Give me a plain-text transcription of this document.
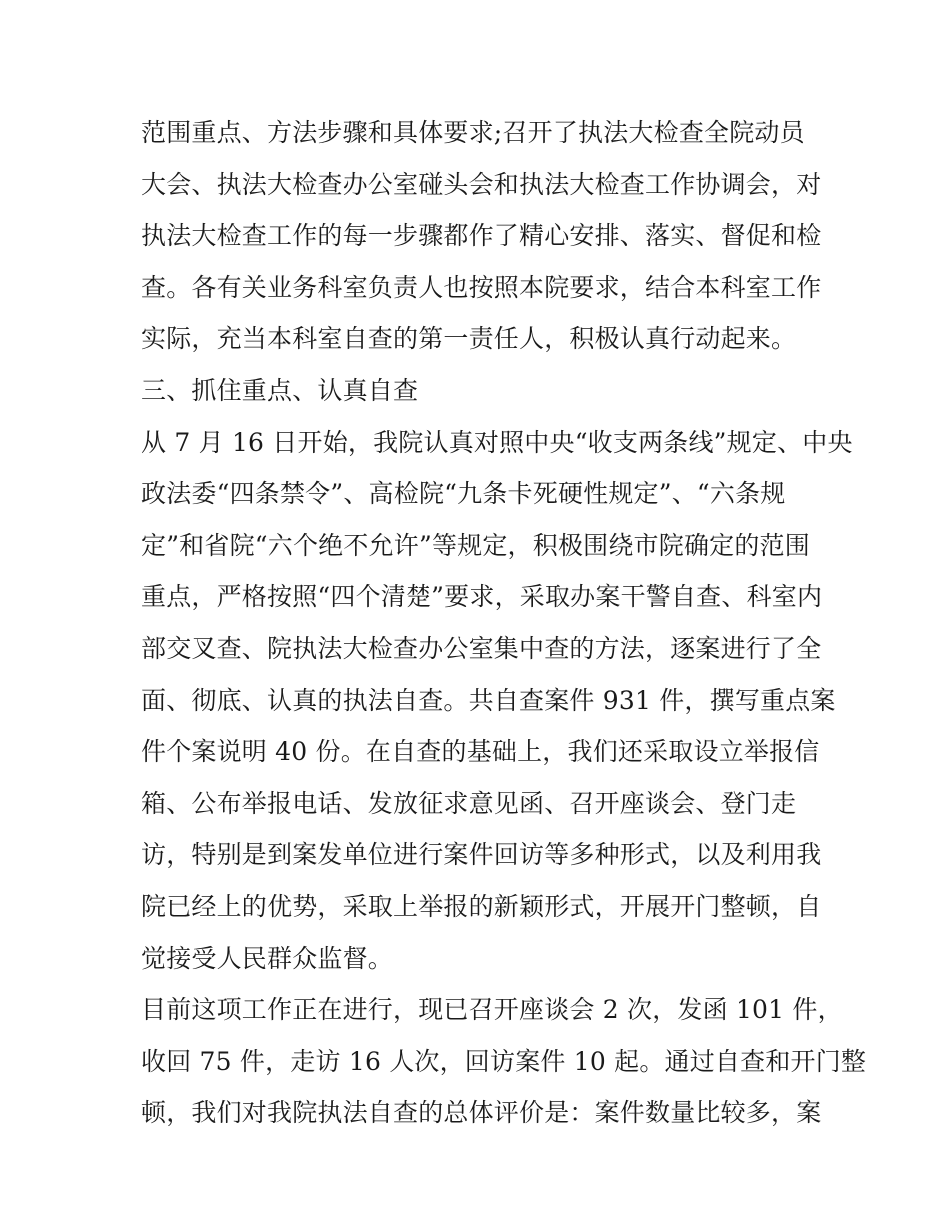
范围重点、方法步骤和具体要求;召开了执法大检查全院动员
大会、执法大检查办公室碰头会和执法大检查工作协调会，对
执法大检查工作的每一步骤都作了精心安排、落实、督促和检
查。各有关业务科室负责人也按照本院要求，结合本科室工作
实际，充当本科室自查的第一责任人，积极认真行动起来。
三、抓住重点、认真自查
从 7 月 16 日开始，我院认真对照中央“收支两条线”规定、中央
政法委“四条禁令”、高检院“九条卡死硬性规定”、“六条规
定”和省院“六个绝不允许”等规定，积极围绕市院确定的范围
重点，严格按照“四个清楚”要求，采取办案干警自查、科室内
部交叉查、院执法大检查办公室集中查的方法，逐案进行了全
面、彻底、认真的执法自查。共自查案件 931 件，撰写重点案
件个案说明 40 份。在自查的基础上，我们还采取设立举报信
箱、公布举报电话、发放征求意见函、召开座谈会、登门走
访，特别是到案发单位进行案件回访等多种形式，以及利用我
院已经上的优势，采取上举报的新颖形式，开展开门整顿，自
觉接受人民群众监督。
目前这项工作正在进行，现已召开座谈会 2 次，发函 101 件，
收回 75 件，走访 16 人次，回访案件 10 起。通过自查和开门整
顿，我们对我院执法自查的总体评价是：案件数量比较多，案
